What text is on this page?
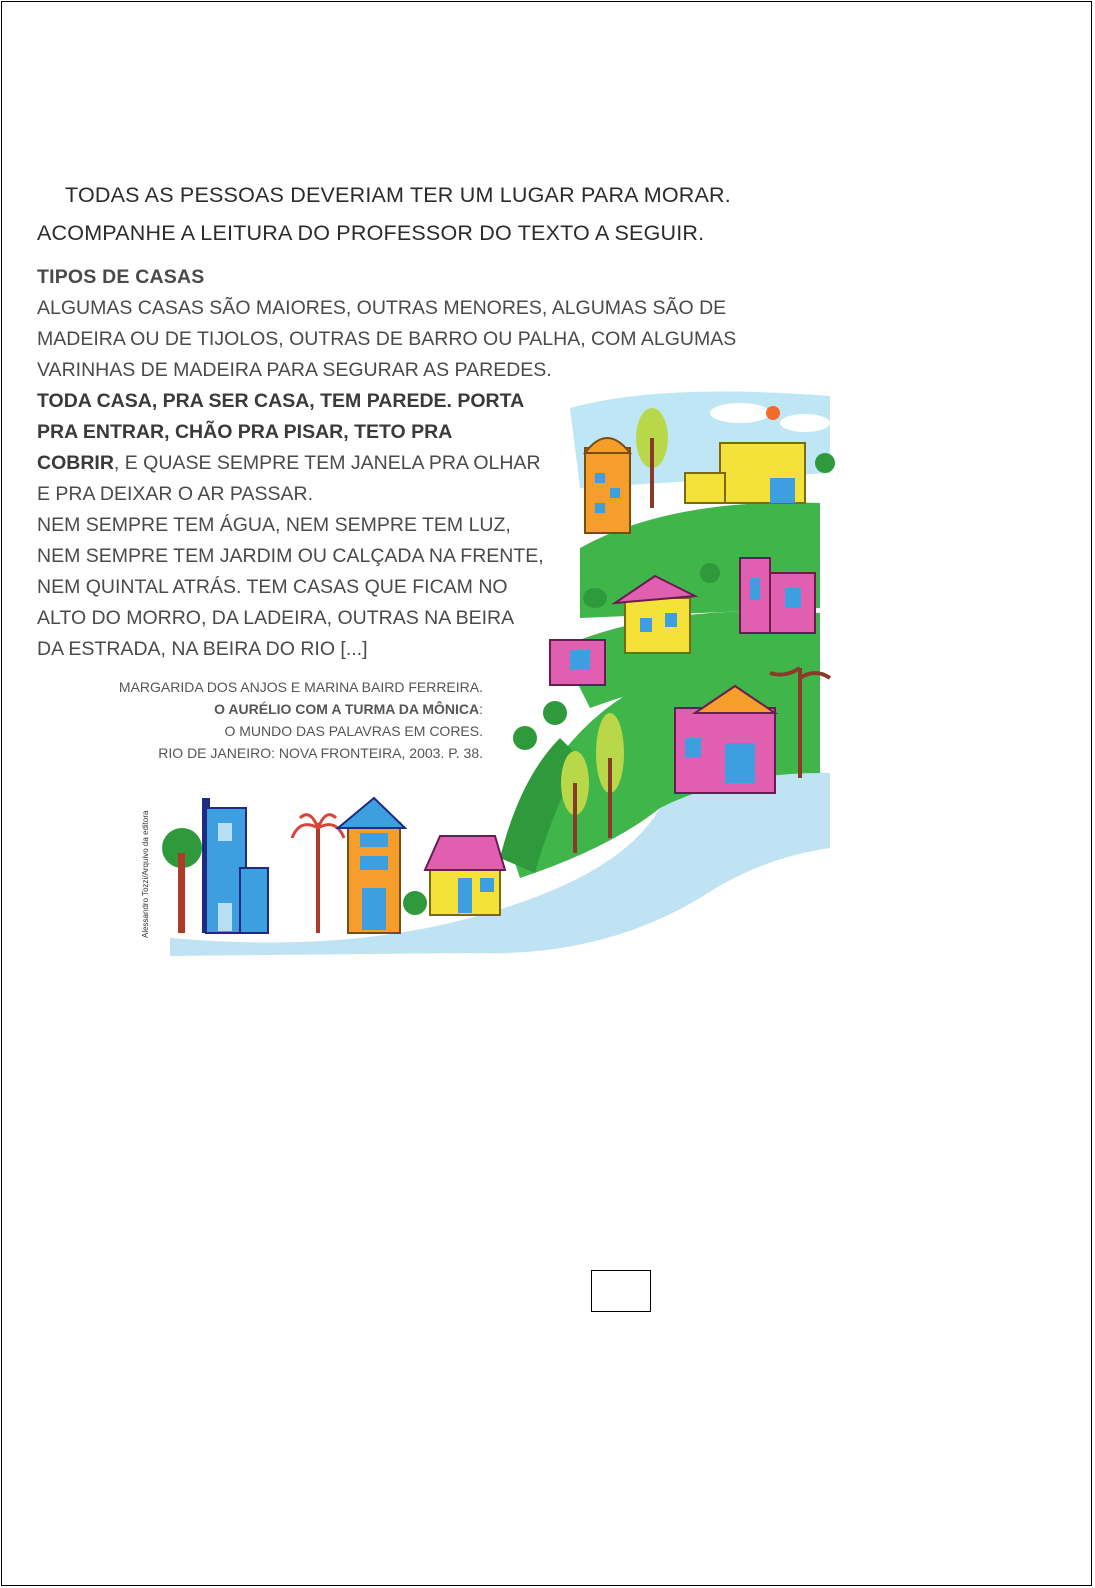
TODAS AS PESSOAS DEVERIAM TER UM LUGAR PARA MORAR.
ACOMPANHE A LEITURA DO PROFESSOR DO TEXTO A SEGUIR.
TIPOS DE CASAS
ALGUMAS CASAS SÃO MAIORES, OUTRAS MENORES, ALGUMAS SÃO DE
MADEIRA OU DE TIJOLOS, OUTRAS DE BARRO OU PALHA, COM ALGUMAS
VARINHAS DE MADEIRA PARA SEGURAR AS PAREDES.
TODA CASA, PRA SER CASA, TEM PAREDE. PORTA
PRA ENTRAR, CHÃO PRA PISAR, TETO PRA
COBRIR, E QUASE SEMPRE TEM JANELA PRA OLHAR
E PRA DEIXAR O AR PASSAR.
NEM SEMPRE TEM ÁGUA, NEM SEMPRE TEM LUZ,
NEM SEMPRE TEM JARDIM OU CALÇADA NA FRENTE,
NEM QUINTAL ATRÁS. TEM CASAS QUE FICAM NO
ALTO DO MORRO, DA LADEIRA, OUTRAS NA BEIRA
DA ESTRADA, NA BEIRA DO RIO [...]
MARGARIDA DOS ANJOS E MARINA BAIRD FERREIRA.
O AURÉLIO COM A TURMA DA MÔNICA:
O MUNDO DAS PALAVRAS EM CORES.
RIO DE JANEIRO: NOVA FRONTEIRA, 2003. P. 38.
Alessandro Tozzi/Arquivo da editora
